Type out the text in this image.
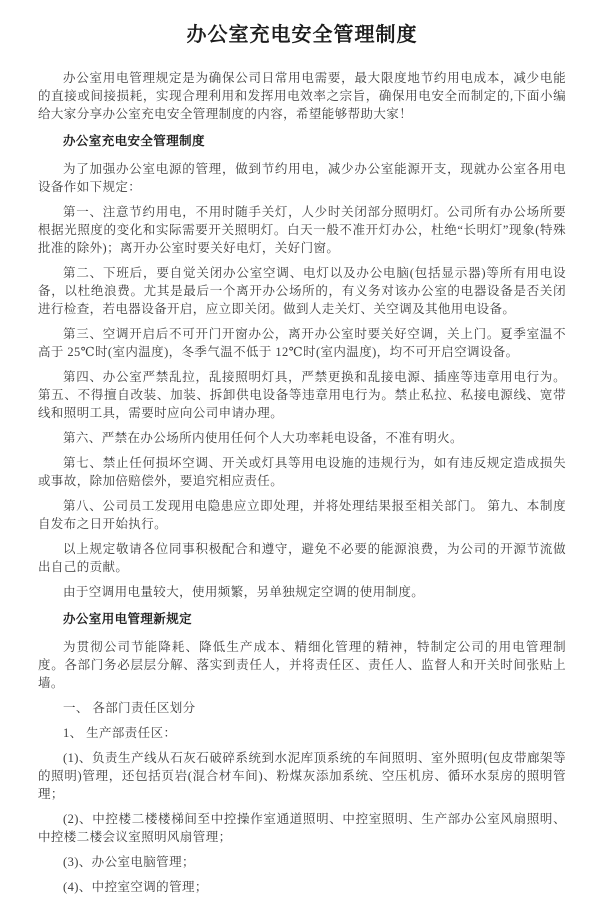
办公室充电安全管理制度

办公室用电管理规定是为确保公司日常用电需要，最大限度地节约用电成本，减少电能的直接或间接损耗，实现合理利用和发挥用电效率之宗旨，确保用电安全而制定的,下面小编给大家分享办公室充电安全管理制度的内容，希望能够帮助大家！

办公室充电安全管理制度

为了加强办公室电源的管理，做到节约用电，减少办公室能源开支，现就办公室各用电设备作如下规定：

第一、注意节约用电，不用时随手关灯，人少时关闭部分照明灯。公司所有办公场所要根据光照度的变化和实际需要开关照明灯。白天一般不准开灯办公，杜绝“长明灯”现象(特殊批准的除外)；离开办公室时要关好电灯，关好门窗。

第二、下班后，要自觉关闭办公室空调、电灯以及办公电脑(包括显示器)等所有用电设备，以杜绝浪费。尤其是最后一个离开办公场所的，有义务对该办公室的电器设备是否关闭进行检查，若电器设备开启，应立即关闭。做到人走关灯、关空调及其他用电设备。

第三、空调开启后不可开门开窗办公，离开办公室时要关好空调，关上门。夏季室温不高于 25℃时(室内温度)，冬季气温不低于 12℃时(室内温度)，均不可开启空调设备。

第四、办公室严禁乱拉，乱接照明灯具，严禁更换和乱接电源、插座等违章用电行为。 第五、不得擅自改装、加装、拆卸供电设备等违章用电行为。禁止私拉、私接电源线、宽带线和照明工具，需要时应向公司申请办理。

第六、严禁在办公场所内使用任何个人大功率耗电设备，不准有明火。

第七、禁止任何损坏空调、开关或灯具等用电设施的违规行为，如有违反规定造成损失或事故，除加倍赔偿外，要追究相应责任。

第八、公司员工发现用电隐患应立即处理，并将处理结果报至相关部门。 第九、本制度自发布之日开始执行。

以上规定敬请各位同事积极配合和遵守，避免不必要的能源浪费，为公司的开源节流做出自己的贡献。

由于空调用电量较大，使用频繁，另单独规定空调的使用制度。

办公室用电管理新规定

为贯彻公司节能降耗、降低生产成本、精细化管理的精神，特制定公司的用电管理制度。各部门务必层层分解、落实到责任人，并将责任区、责任人、监督人和开关时间张贴上墙。

一、 各部门责任区划分

1、 生产部责任区：

(1)、负责生产线从石灰石破碎系统到水泥库顶系统的车间照明、室外照明(包皮带廊架等的照明)管理，还包括页岩(混合材车间)、粉煤灰添加系统、空压机房、循环水泵房的照明管理；

(2)、中控楼二楼楼梯间至中控操作室通道照明、中控室照明、生产部办公室风扇照明、中控楼二楼会议室照明风扇管理；

(3)、办公室电脑管理；

(4)、中控室空调的管理；
